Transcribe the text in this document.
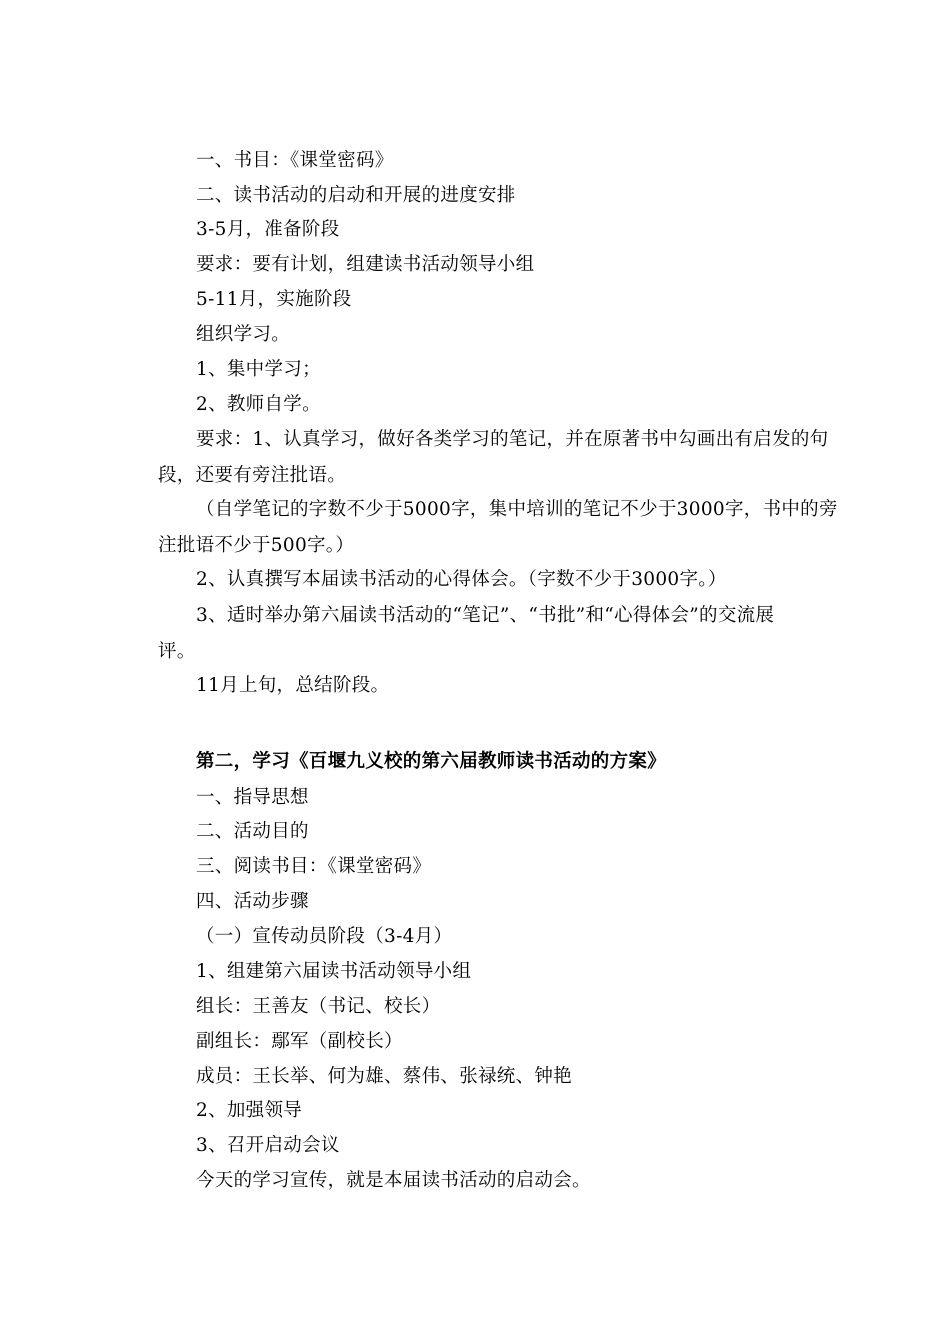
一、书目：《课堂密码》
二、读书活动的启动和开展的进度安排
3-5月，准备阶段
要求：要有计划，组建读书活动领导小组
5-11月，实施阶段
组织学习。
1、集中学习；
2、教师自学。
要求：1、认真学习，做好各类学习的笔记，并在原著书中勾画出有启发的句
段，还要有旁注批语。
（自学笔记的字数不少于5000字，集中培训的笔记不少于3000字，书中的旁
注批语不少于500字。）
2、认真撰写本届读书活动的心得体会。（字数不少于3000字。）
3、适时举办第六届读书活动的“笔记”、“书批”和“心得体会”的交流展
评。
11月上旬，总结阶段。
第二，学习《百堰九义校的第六届教师读书活动的方案》
一、指导思想
二、活动目的
三、阅读书目：《课堂密码》
四、活动步骤
（一）宣传动员阶段（3-4月）
1、组建第六届读书活动领导小组
组长：王善友（书记、校长）
副组长：鄢军（副校长）
成员：王长举、何为雄、蔡伟、张禄统、钟艳
2、加强领导
3、召开启动会议
今天的学习宣传，就是本届读书活动的启动会。
